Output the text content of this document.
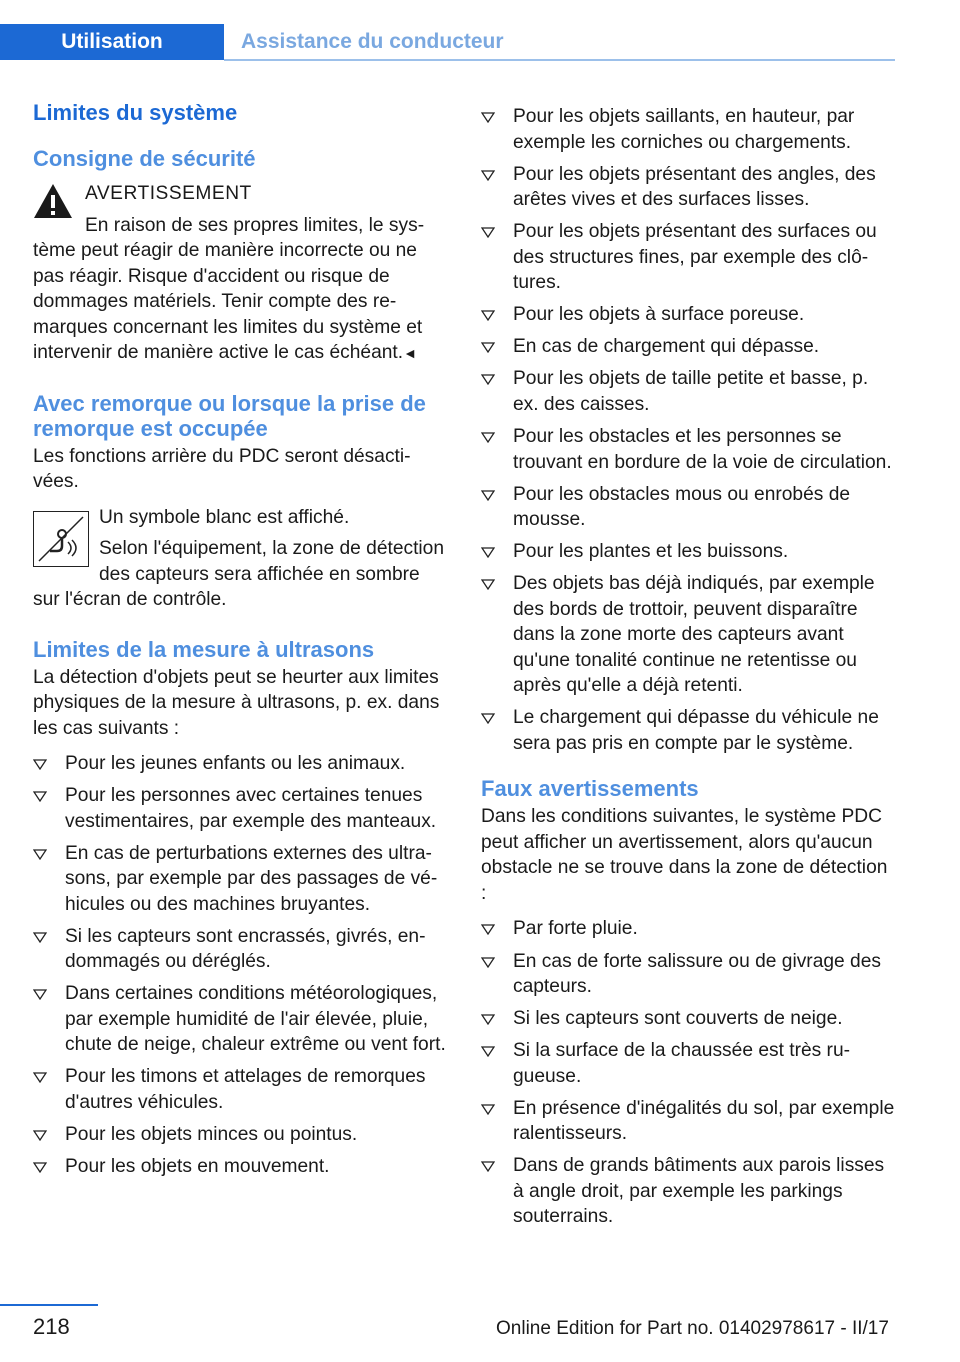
Utilisation	Assistance du conducteur
Limites du système
Consigne de sécurité
AVERTISSEMENT

En raison de ses propres limites, le système peut réagir de manière incorrecte ou ne pas réagir. Risque d'accident ou risque de dommages matériels. Tenir compte des remarques concernant les limites du système et intervenir de manière active le cas échéant.◄

Avec remorque ou lorsque la prise de remorque est occupée

Les fonctions arrière du PDC seront désactivées.

Un symbole blanc est affiché.
Selon l'équipement, la zone de détection des capteurs sera affichée en sombre sur l'écran de contrôle.
Limites de la mesure à ultrasons

La détection d'objets peut se heurter aux limites physiques de la mesure à ultrasons, p. ex. dans les cas suivants :

Pour les jeunes enfants ou les animaux.
Pour les personnes avec certaines tenues vestimentaires, par exemple des manteaux.
En cas de perturbations externes des ultrasons, par exemple par des passages de véhicules ou des machines bruyantes.
Si les capteurs sont encrassés, givrés, endommagés ou déréglés.
Dans certaines conditions météorologiques, par exemple humidité de l'air élevée, pluie, chute de neige, chaleur extrême ou vent fort.
Pour les timons et attelages de remorques d'autres véhicules.
Pour les objets minces ou pointus.
Pour les objets en mouvement.
Pour les objets saillants, en hauteur, par exemple les corniches ou chargements.
Pour les objets présentant des angles, des arêtes vives et des surfaces lisses.
Pour les objets présentant des surfaces ou des structures fines, par exemple des clôtures.
Pour les objets à surface poreuse.
En cas de chargement qui dépasse.
Pour les objets de taille petite et basse, p. ex. des caisses.
Pour les obstacles et les personnes se trouvant en bordure de la voie de circulation.
Pour les obstacles mous ou enrobés de mousse.
Pour les plantes et les buissons.
Des objets bas déjà indiqués, par exemple des bords de trottoir, peuvent disparaître dans la zone morte des capteurs avant qu'une tonalité continue ne retentisse ou après qu'elle a déjà retenti.
Le chargement qui dépasse du véhicule ne sera pas pris en compte par le système.
Faux avertissements

Dans les conditions suivantes, le système PDC peut afficher un avertissement, alors qu'aucun obstacle ne se trouve dans la zone de détection :

Par forte pluie.
En cas de forte salissure ou de givrage des capteurs.
Si les capteurs sont couverts de neige.
Si la surface de la chaussée est très rugueuse.
En présence d'inégalités du sol, par exemple ralentisseurs.
Dans de grands bâtiments aux parois lisses à angle droit, par exemple les parkings souterrains.
218	Online Edition for Part no. 01402978617 - II/17
